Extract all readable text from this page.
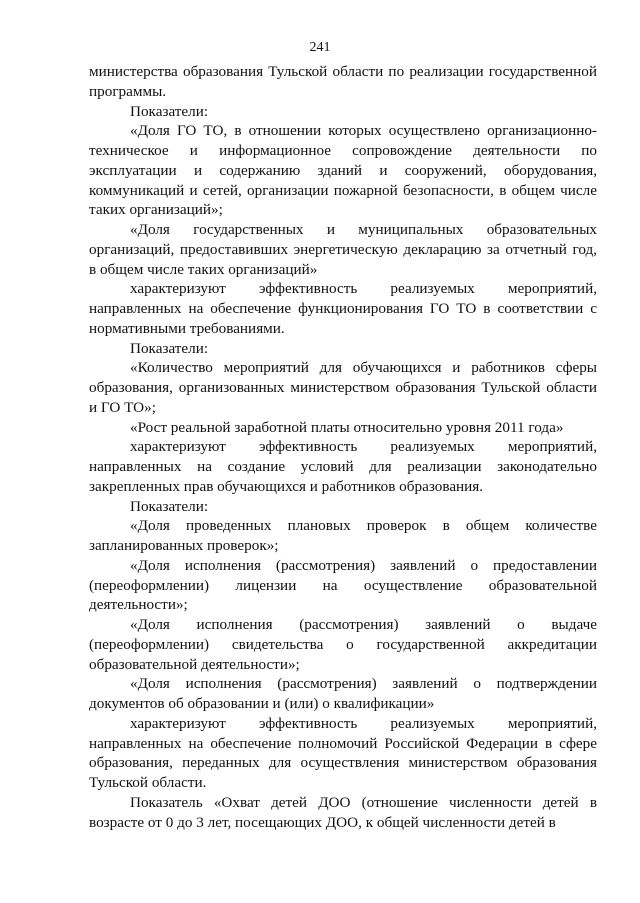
241

министерства образования Тульской области по реализации государственной программы.

Показатели:

«Доля ГО ТО, в отношении которых осуществлено организационно-техническое и информационное сопровождение деятельности по эксплуатации и содержанию зданий и сооружений, оборудования, коммуникаций и сетей, организации пожарной безопасности, в общем числе таких организаций»;

«Доля государственных и муниципальных образовательных организаций, предоставивших энергетическую декларацию за отчетный год, в общем числе таких организаций»

характеризуют эффективность реализуемых мероприятий, направленных на обеспечение функционирования ГО ТО в соответствии с нормативными требованиями.

Показатели:

«Количество мероприятий для обучающихся и работников сферы образования, организованных министерством образования Тульской области и ГО ТО»;

«Рост реальной заработной платы относительно уровня 2011 года»

характеризуют эффективность реализуемых мероприятий, направленных на создание условий для реализации законодательно закрепленных прав обучающихся и работников образования.

Показатели:

«Доля проведенных плановых проверок в общем количестве запланированных проверок»;

«Доля исполнения (рассмотрения) заявлений о предоставлении (переоформлении) лицензии на осуществление образовательной деятельности»;

«Доля исполнения (рассмотрения) заявлений о выдаче (переоформлении) свидетельства о государственной аккредитации образовательной деятельности»;

«Доля исполнения (рассмотрения) заявлений о подтверждении документов об образовании и (или) о квалификации»

характеризуют эффективность реализуемых мероприятий, направленных на обеспечение полномочий Российской Федерации в сфере образования, переданных для осуществления министерством образования Тульской области.

Показатель «Охват детей ДОО (отношение численности детей в возрасте от 0 до 3 лет, посещающих ДОО, к общей численности детей в
